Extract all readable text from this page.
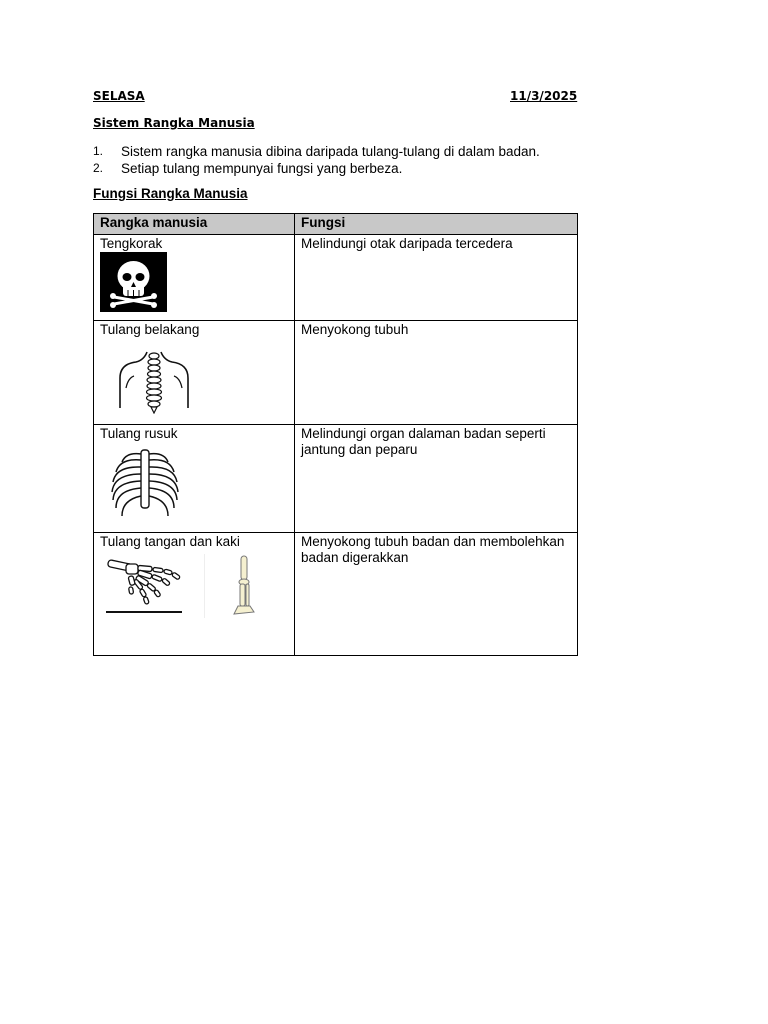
SELASA	11/3/2025
Sistem Rangka Manusia
1.	Sistem rangka manusia dibina daripada tulang-tulang di dalam badan.
2.	Setiap tulang mempunyai fungsi yang berbeza.
Fungsi Rangka Manusia
Rangka manusia	Fungsi

Tengkorak	Melindungi otak daripada tercedera

Tulang belakang	Menyokong tubuh

Tulang rusuk	Melindungi organ dalaman badan seperti jantung dan peparu

Tulang tangan dan kaki	Menyokong tubuh badan dan membolehkan badan digerakkan
